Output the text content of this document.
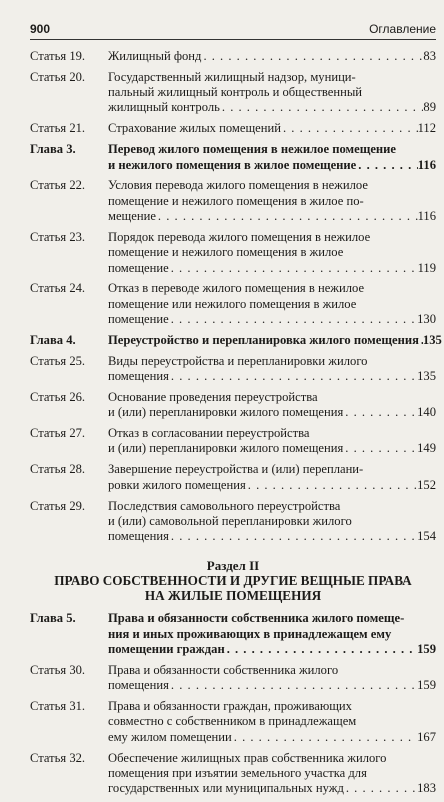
900	Оглавление
Статья 19.	Жилищный фонд . . .	83
Статья 20.	Государственный жилищный надзор, муници-
пальный жилищный контроль и общественный
жилищный контроль . . .	89
Статья 21.	Страхование жилых помещений . . .	112
Глава 3.	Перевод жилого помещения в нежилое помещение
и нежилого помещения в жилое помещение . . .	116
Статья 22.	Условия перевода жилого помещения в нежилое
помещение и нежилого помещения в жилое по-
мещение . . .	116
Статья 23.	Порядок перевода жилого помещения в нежилое
помещение и нежилого помещения в жилое
помещение . . .	119
Статья 24.	Отказ в переводе жилого помещения в нежилое
помещение или нежилого помещения в жилое
помещение . . .	130
Глава 4.	Переустройство и перепланировка жилого помещения . . . 135
Статья 25.	Виды переустройства и перепланировки жилого
помещения . . .	135
Статья 26.	Основание проведения переустройства
и (или) перепланировки жилого помещения . . .	140
Статья 27.	Отказ в согласовании переустройства
и (или) перепланировки жилого помещения . . .	149
Статья 28.	Завершение переустройства и (или) переплани-
ровки жилого помещения . . .	152
Статья 29.	Последствия самовольного переустройства
и (или) самовольной перепланировки жилого
помещения . . .	154
Раздел II
ПРАВО СОБСТВЕННОСТИ И ДРУГИЕ ВЕЩНЫЕ ПРАВА
НА ЖИЛЫЕ ПОМЕЩЕНИЯ
Глава 5.	Права и обязанности собственника жилого помеще-
ния и иных проживающих в принадлежащем ему
помещении граждан . . .	159
Статья 30.	Права и обязанности собственника жилого
помещения . . .	159
Статья 31.	Права и обязанности граждан, проживающих
совместно с собственником в принадлежащем
ему жилом помещении . . .	167
Статья 32.	Обеспечение жилищных прав собственника жилого
помещения при изъятии земельного участка для
государственных или муниципальных нужд . . .	183
